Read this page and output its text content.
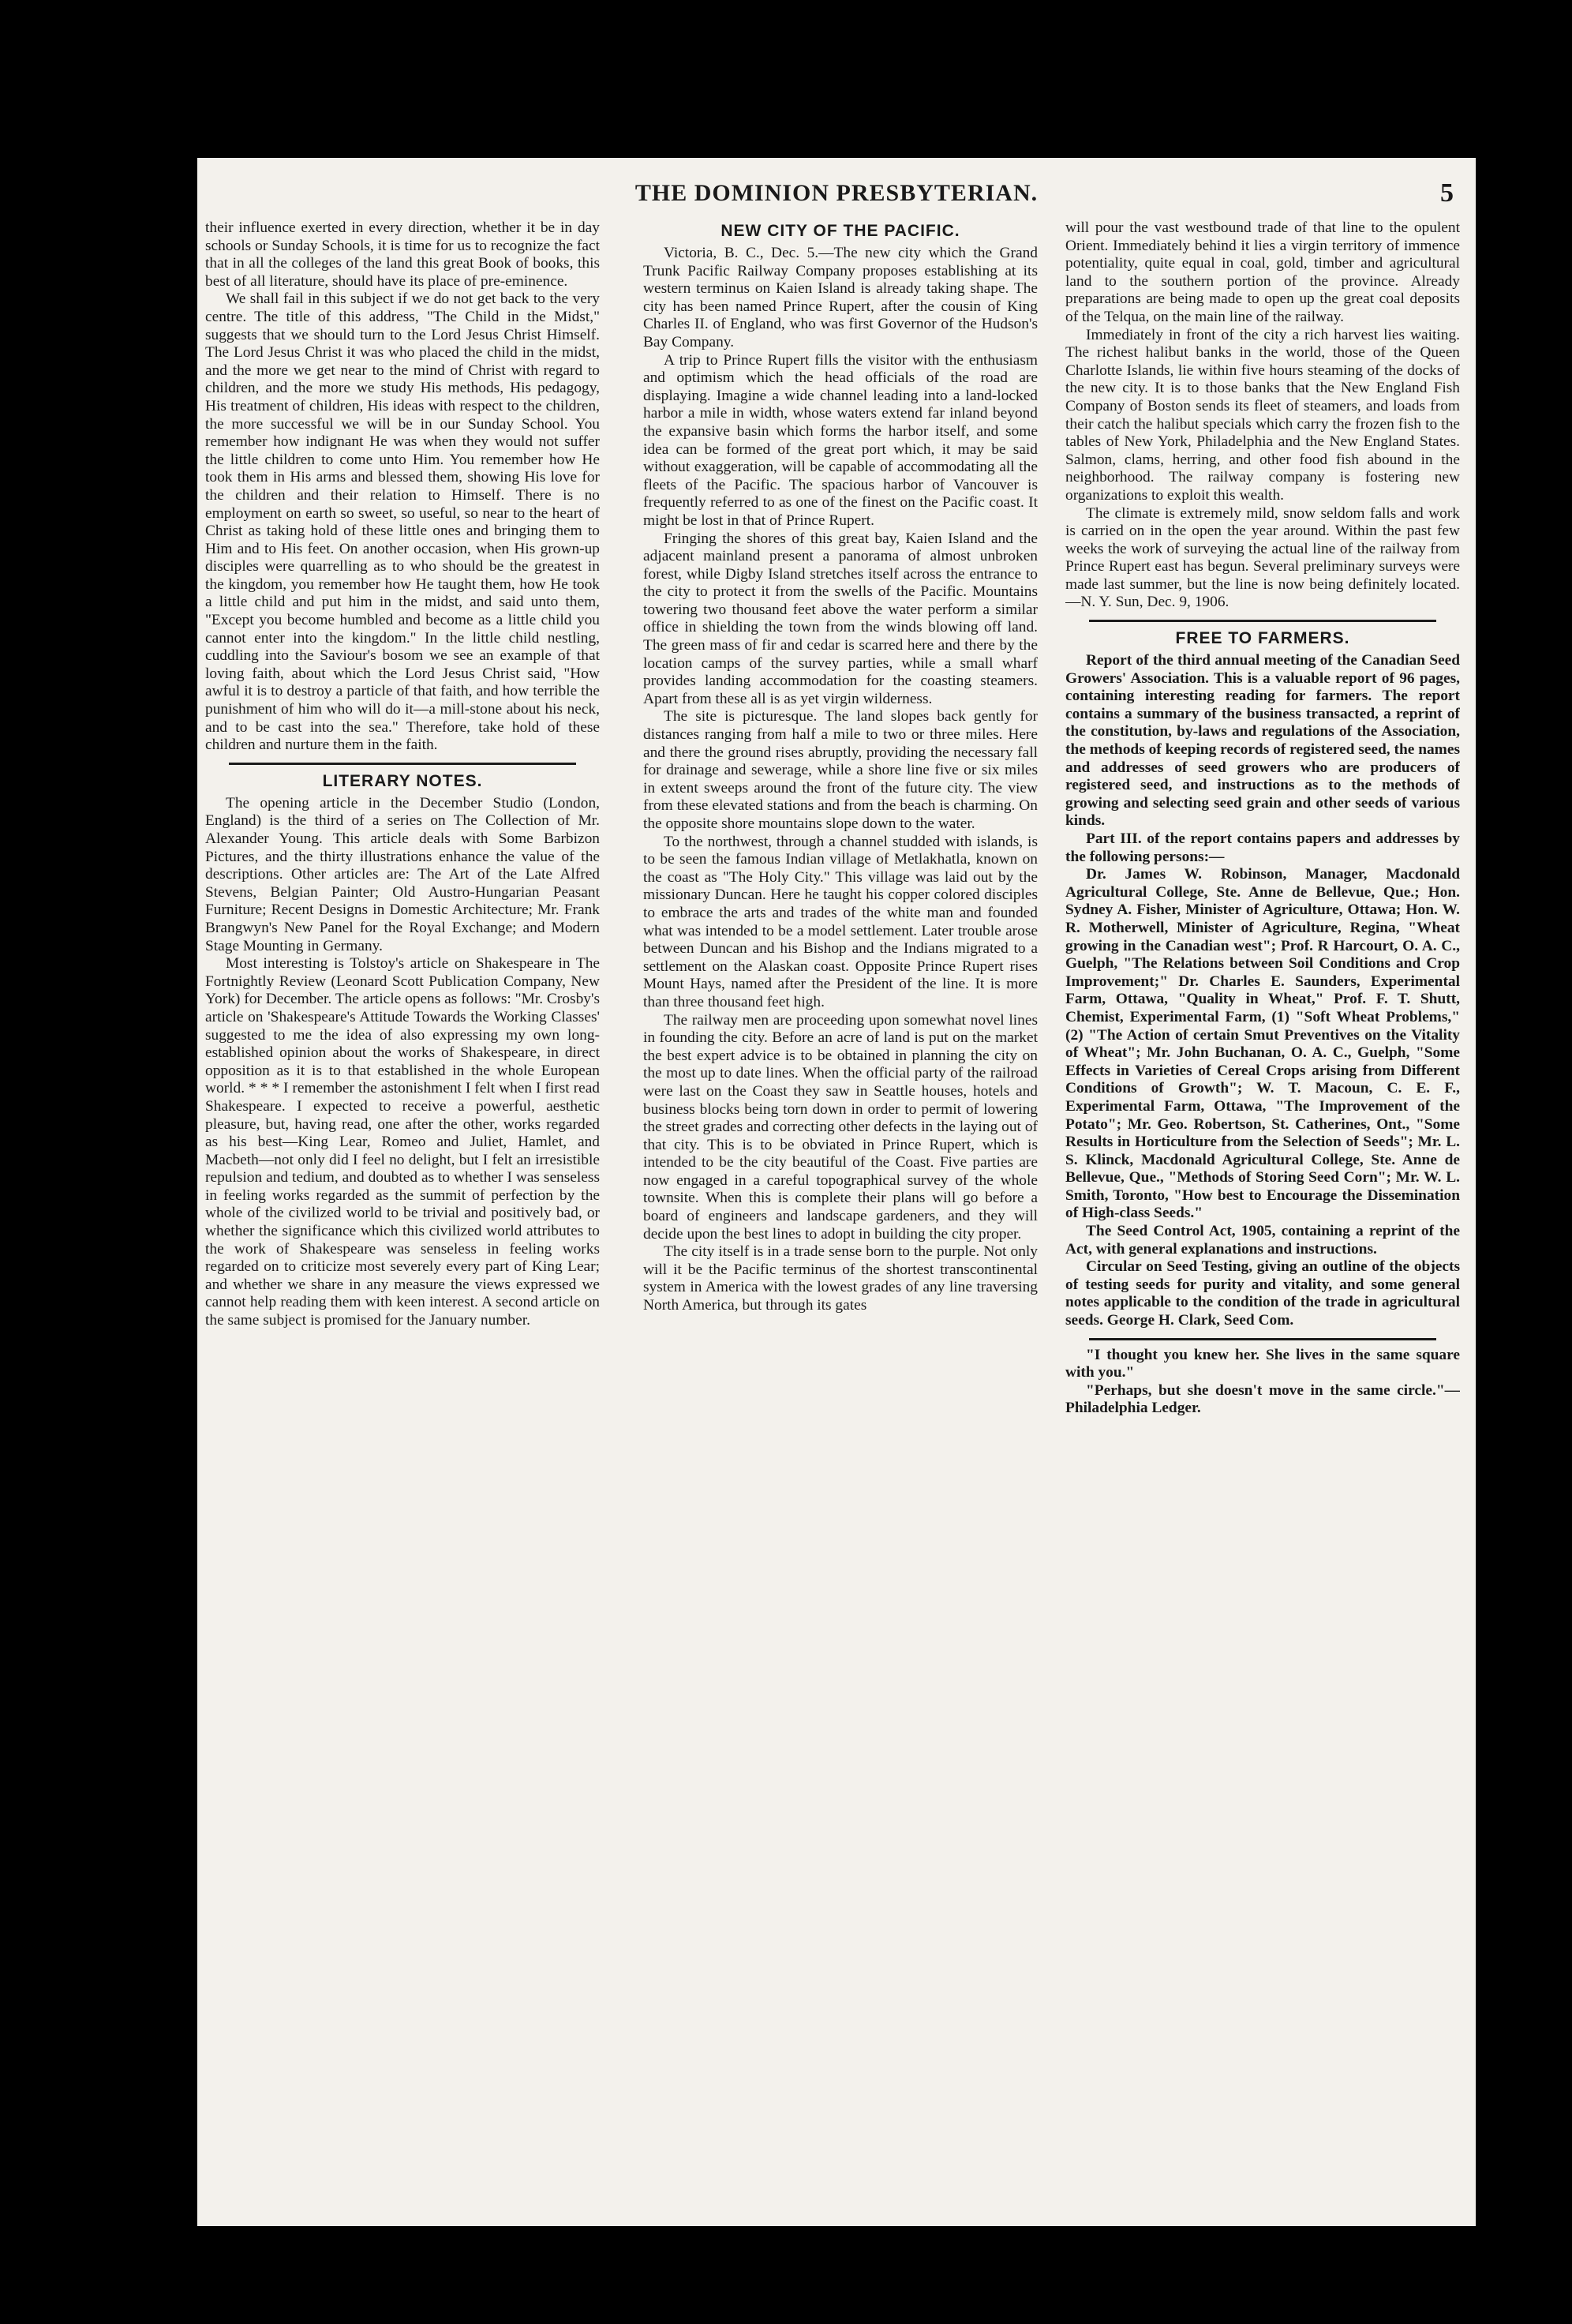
THE DOMINION PRESBYTERIAN.	5

their influence exerted in every direction, whether it be in day schools or Sunday Schools, it is time for us to recognize the fact that in all the colleges of the land this great Book of books, this best of all literature, should have its place of pre-eminence.

We shall fail in this subject if we do not get back to the very centre. The title of this address, "The Child in the Midst," suggests that we should turn to the Lord Jesus Christ Himself. The Lord Jesus Christ it was who placed the child in the midst, and the more we get near to the mind of Christ with regard to children, and the more we study His methods, His pedagogy, His treatment of children, His ideas with respect to the children, the more successful we will be in our Sunday School. You remember how indignant He was when they would not suffer the little children to come unto Him. You remember how He took them in His arms and blessed them, showing His love for the children and their relation to Himself. There is no employment on earth so sweet, so useful, so near to the heart of Christ as taking hold of these little ones and bringing them to Him and to His feet. On another occasion, when His grown-up disciples were quarrelling as to who should be the greatest in the kingdom, you remember how He taught them, how He took a little child and put him in the midst, and said unto them, "Except you become humbled and become as a little child you cannot enter into the kingdom." In the little child nestling, cuddling into the Saviour's bosom we see an example of that loving faith, about which the Lord Jesus Christ said, "How awful it is to destroy a particle of that faith, and how terrible the punishment of him who will do it—a mill-stone about his neck, and to be cast into the sea." Therefore, take hold of these children and nurture them in the faith.

LITERARY NOTES.

The opening article in the December Studio (London, England) is the third of a series on The Collection of Mr. Alexander Young. This article deals with Some Barbizon Pictures, and the thirty illustrations enhance the value of the descriptions. Other articles are: The Art of the Late Alfred Stevens, Belgian Painter; Old Austro-Hungarian Peasant Furniture; Recent Designs in Domestic Architecture; Mr. Frank Brangwyn's New Panel for the Royal Exchange; and Modern Stage Mounting in Germany.

Most interesting is Tolstoy's article on Shakespeare in The Fortnightly Review (Leonard Scott Publication Company, New York) for December. The article opens as follows: "Mr. Crosby's article on 'Shakespeare's Attitude Towards the Working Classes' suggested to me the idea of also expressing my own long-established opinion about the works of Shakespeare, in direct opposition as it is to that established in the whole European world. * * * I remember the astonishment I felt when I first read Shakespeare. I expected to receive a powerful, aesthetic pleasure, but, having read, one after the other, works regarded as his best—King Lear, Romeo and Juliet, Hamlet, and Macbeth—not only did I feel no delight, but I felt an irresistible repulsion and tedium, and doubted as to whether I was senseless in feeling works regarded as the summit of perfection by the whole of the civilized world to be trivial and positively bad, or whether the significance which this civilized world attributes to the work of Shakespeare was senseless in feeling works regarded on to criticize most severely every part of King Lear; and whether we share in any measure the views expressed we cannot help reading them with keen interest. A second article on the same subject is promised for the January number.

NEW CITY OF THE PACIFIC.

Victoria, B. C., Dec. 5.—The new city which the Grand Trunk Pacific Railway Company proposes establishing at its western terminus on Kaien Island is already taking shape. The city has been named Prince Rupert, after the cousin of King Charles II. of England, who was first Governor of the Hudson's Bay Company.

A trip to Prince Rupert fills the visitor with the enthusiasm and optimism which the head officials of the road are displaying. Imagine a wide channel leading into a land-locked harbor a mile in width, whose waters extend far inland beyond the expansive basin which forms the harbor itself, and some idea can be formed of the great port which, it may be said without exaggeration, will be capable of accommodating all the fleets of the Pacific. The spacious harbor of Vancouver is frequently referred to as one of the finest on the Pacific coast. It might be lost in that of Prince Rupert.

Fringing the shores of this great bay, Kaien Island and the adjacent mainland present a panorama of almost unbroken forest, while Digby Island stretches itself across the entrance to the city to protect it from the swells of the Pacific. Mountains towering two thousand feet above the water perform a similar office in shielding the town from the winds blowing off land. The green mass of fir and cedar is scarred here and there by the location camps of the survey parties, while a small wharf provides landing accommodation for the coasting steamers. Apart from these all is as yet virgin wilderness.

The site is picturesque. The land slopes back gently for distances ranging from half a mile to two or three miles. Here and there the ground rises abruptly, providing the necessary fall for drainage and sewerage, while a shore line five or six miles in extent sweeps around the front of the future city. The view from these elevated stations and from the beach is charming. On the opposite shore mountains slope down to the water.

To the northwest, through a channel studded with islands, is to be seen the famous Indian village of Metlakhatla, known on the coast as "The Holy City." This village was laid out by the missionary Duncan. Here he taught his copper colored disciples to embrace the arts and trades of the white man and founded what was intended to be a model settlement. Later trouble arose between Duncan and his Bishop and the Indians migrated to a settlement on the Alaskan coast. Opposite Prince Rupert rises Mount Hays, named after the President of the line. It is more than three thousand feet high.

The railway men are proceeding upon somewhat novel lines in founding the city. Before an acre of land is put on the market the best expert advice is to be obtained in planning the city on the most up to date lines. When the official party of the railroad were last on the Coast they saw in Seattle houses, hotels and business blocks being torn down in order to permit of lowering the street grades and correcting other defects in the laying out of that city. This is to be obviated in Prince Rupert, which is intended to be the city beautiful of the Coast. Five parties are now engaged in a careful topographical survey of the whole townsite. When this is complete their plans will go before a board of engineers and landscape gardeners, and they will decide upon the best lines to adopt in building the city proper.

The city itself is in a trade sense born to the purple. Not only will it be the Pacific terminus of the shortest transcontinental system in America with the lowest grades of any line traversing North America, but through its gates

will pour the vast westbound trade of that line to the opulent Orient. Immediately behind it lies a virgin territory of immence potentiality, quite equal in coal, gold, timber and agricultural land to the southern portion of the province. Already preparations are being made to open up the great coal deposits of the Telqua, on the main line of the railway.

Immediately in front of the city a rich harvest lies waiting. The richest halibut banks in the world, those of the Queen Charlotte Islands, lie within five hours steaming of the docks of the new city. It is to those banks that the New England Fish Company of Boston sends its fleet of steamers, and loads from their catch the halibut specials which carry the frozen fish to the tables of New York, Philadelphia and the New England States. Salmon, clams, herring, and other food fish abound in the neighborhood. The railway company is fostering new organizations to exploit this wealth.

The climate is extremely mild, snow seldom falls and work is carried on in the open the year around. Within the past few weeks the work of surveying the actual line of the railway from Prince Rupert east has begun. Several preliminary surveys were made last summer, but the line is now being definitely located.—N. Y. Sun, Dec. 9, 1906.

FREE TO FARMERS.

Report of the third annual meeting of the Canadian Seed Growers' Association. This is a valuable report of 96 pages, containing interesting reading for farmers. The report contains a summary of the business transacted, a reprint of the constitution, by-laws and regulations of the Association, the methods of keeping records of registered seed, the names and addresses of seed growers who are producers of registered seed, and instructions as to the methods of growing and selecting seed grain and other seeds of various kinds.

Part III. of the report contains papers and addresses by the following persons:—

Dr. James W. Robinson, Manager, Macdonald Agricultural College, Ste. Anne de Bellevue, Que.; Hon. Sydney A. Fisher, Minister of Agriculture, Ottawa; Hon. W. R. Motherwell, Minister of Agriculture, Regina, "Wheat growing in the Canadian west"; Prof. R Harcourt, O. A. C., Guelph, "The Relations between Soil Conditions and Crop Improvement;" Dr. Charles E. Saunders, Experimental Farm, Ottawa, "Quality in Wheat," Prof. F. T. Shutt, Chemist, Experimental Farm, (1) "Soft Wheat Problems," (2) "The Action of certain Smut Preventives on the Vitality of Wheat"; Mr. John Buchanan, O. A. C., Guelph, "Some Effects in Varieties of Cereal Crops arising from Different Conditions of Growth"; W. T. Macoun, C. E. F., Experimental Farm, Ottawa, "The Improvement of the Potato"; Mr. Geo. Robertson, St. Catherines, Ont., "Some Results in Horticulture from the Selection of Seeds"; Mr. L. S. Klinck, Macdonald Agricultural College, Ste. Anne de Bellevue, Que., "Methods of Storing Seed Corn"; Mr. W. L. Smith, Toronto, "How best to Encourage the Dissemination of High-class Seeds."

The Seed Control Act, 1905, containing a reprint of the Act, with general explanations and instructions.

Circular on Seed Testing, giving an outline of the objects of testing seeds for purity and vitality, and some general notes applicable to the condition of the trade in agricultural seeds. George H. Clark, Seed Com.

"I thought you knew her. She lives in the same square with you."

"Perhaps, but she doesn't move in the same circle."—Philadelphia Ledger.
